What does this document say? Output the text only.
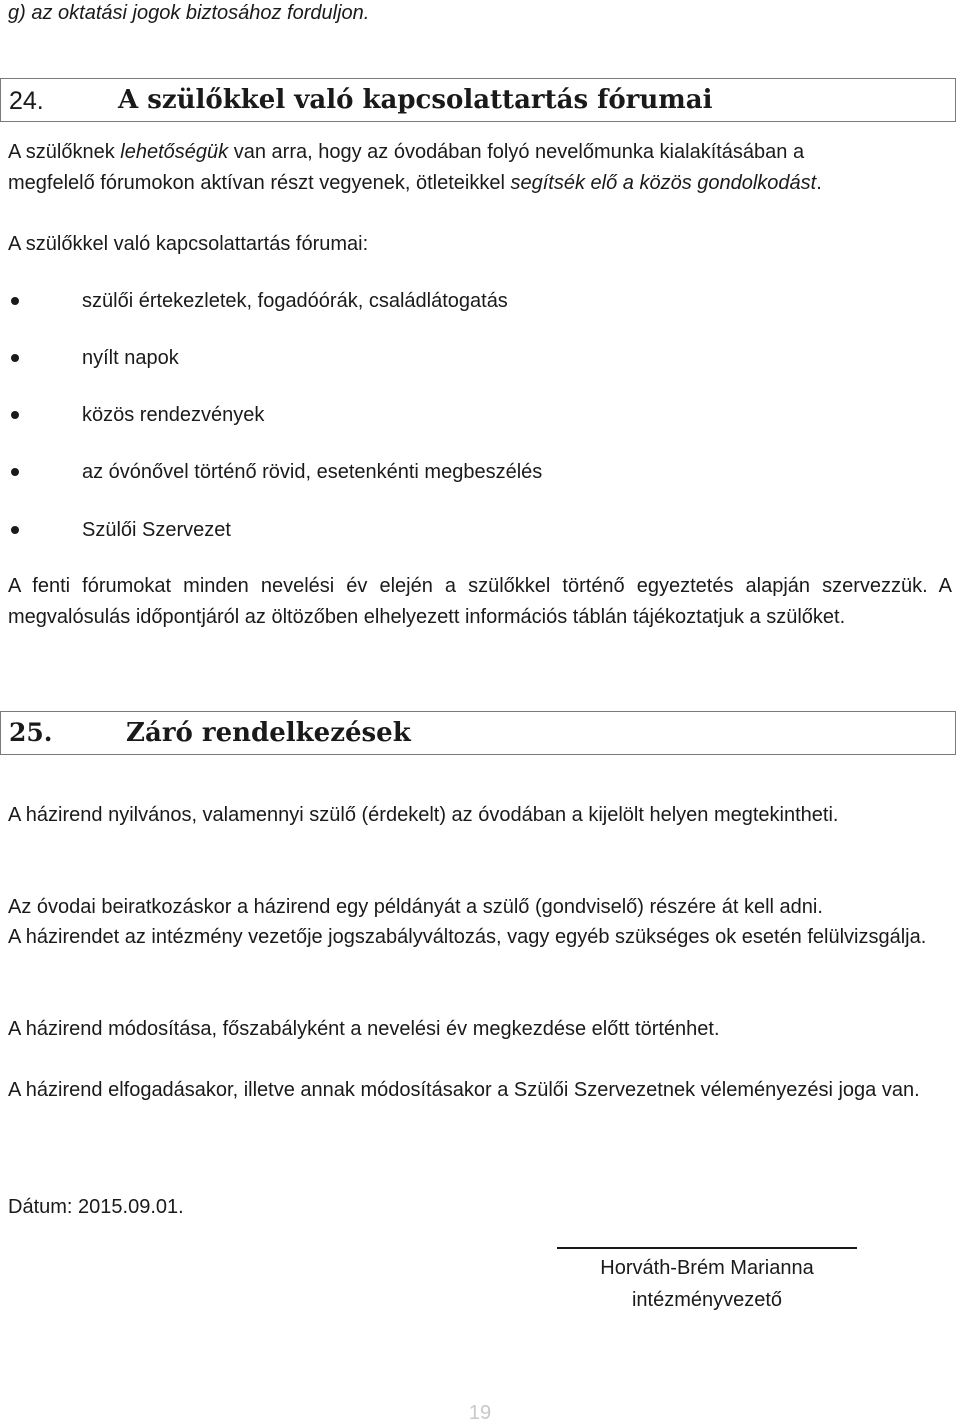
g) az oktatási jogok biztosához forduljon.
24.	A szülőkkel való kapcsolattartás fórumai
A szülőknek lehetőségük van arra, hogy az óvodában folyó nevelőmunka kialakításában a
megfelelő fórumokon aktívan részt vegyenek, ötleteikkel segítsék elő a közös gondolkodást.
A szülőkkel való kapcsolattartás fórumai:
szülői értekezletek, fogadóórák, családlátogatás
nyílt napok
közös rendezvények
az óvónővel történő rövid, esetenkénti megbeszélés
Szülői Szervezet
A fenti fórumokat minden nevelési év elején a szülőkkel történő egyeztetés alapján szervezzük. A megvalósulás időpontjáról az öltözőben elhelyezett információs táblán tájékoztatjuk a szülőket.
25.	Záró rendelkezések
A házirend nyilvános, valamennyi szülő (érdekelt) az óvodában a kijelölt helyen megtekintheti.
Az óvodai beiratkozáskor a házirend egy példányát a szülő (gondviselő) részére át kell adni.
A házirendet az intézmény vezetője jogszabályváltozás, vagy egyéb szükséges ok esetén felülvizsgálja.
A házirend módosítása, főszabályként a nevelési év megkezdése előtt történhet.
A házirend elfogadásakor, illetve annak módosításakor a Szülői Szervezetnek véleményezési joga van.
Dátum: 2015.09.01.
Horváth-Brém Marianna
intézményvezető
19
